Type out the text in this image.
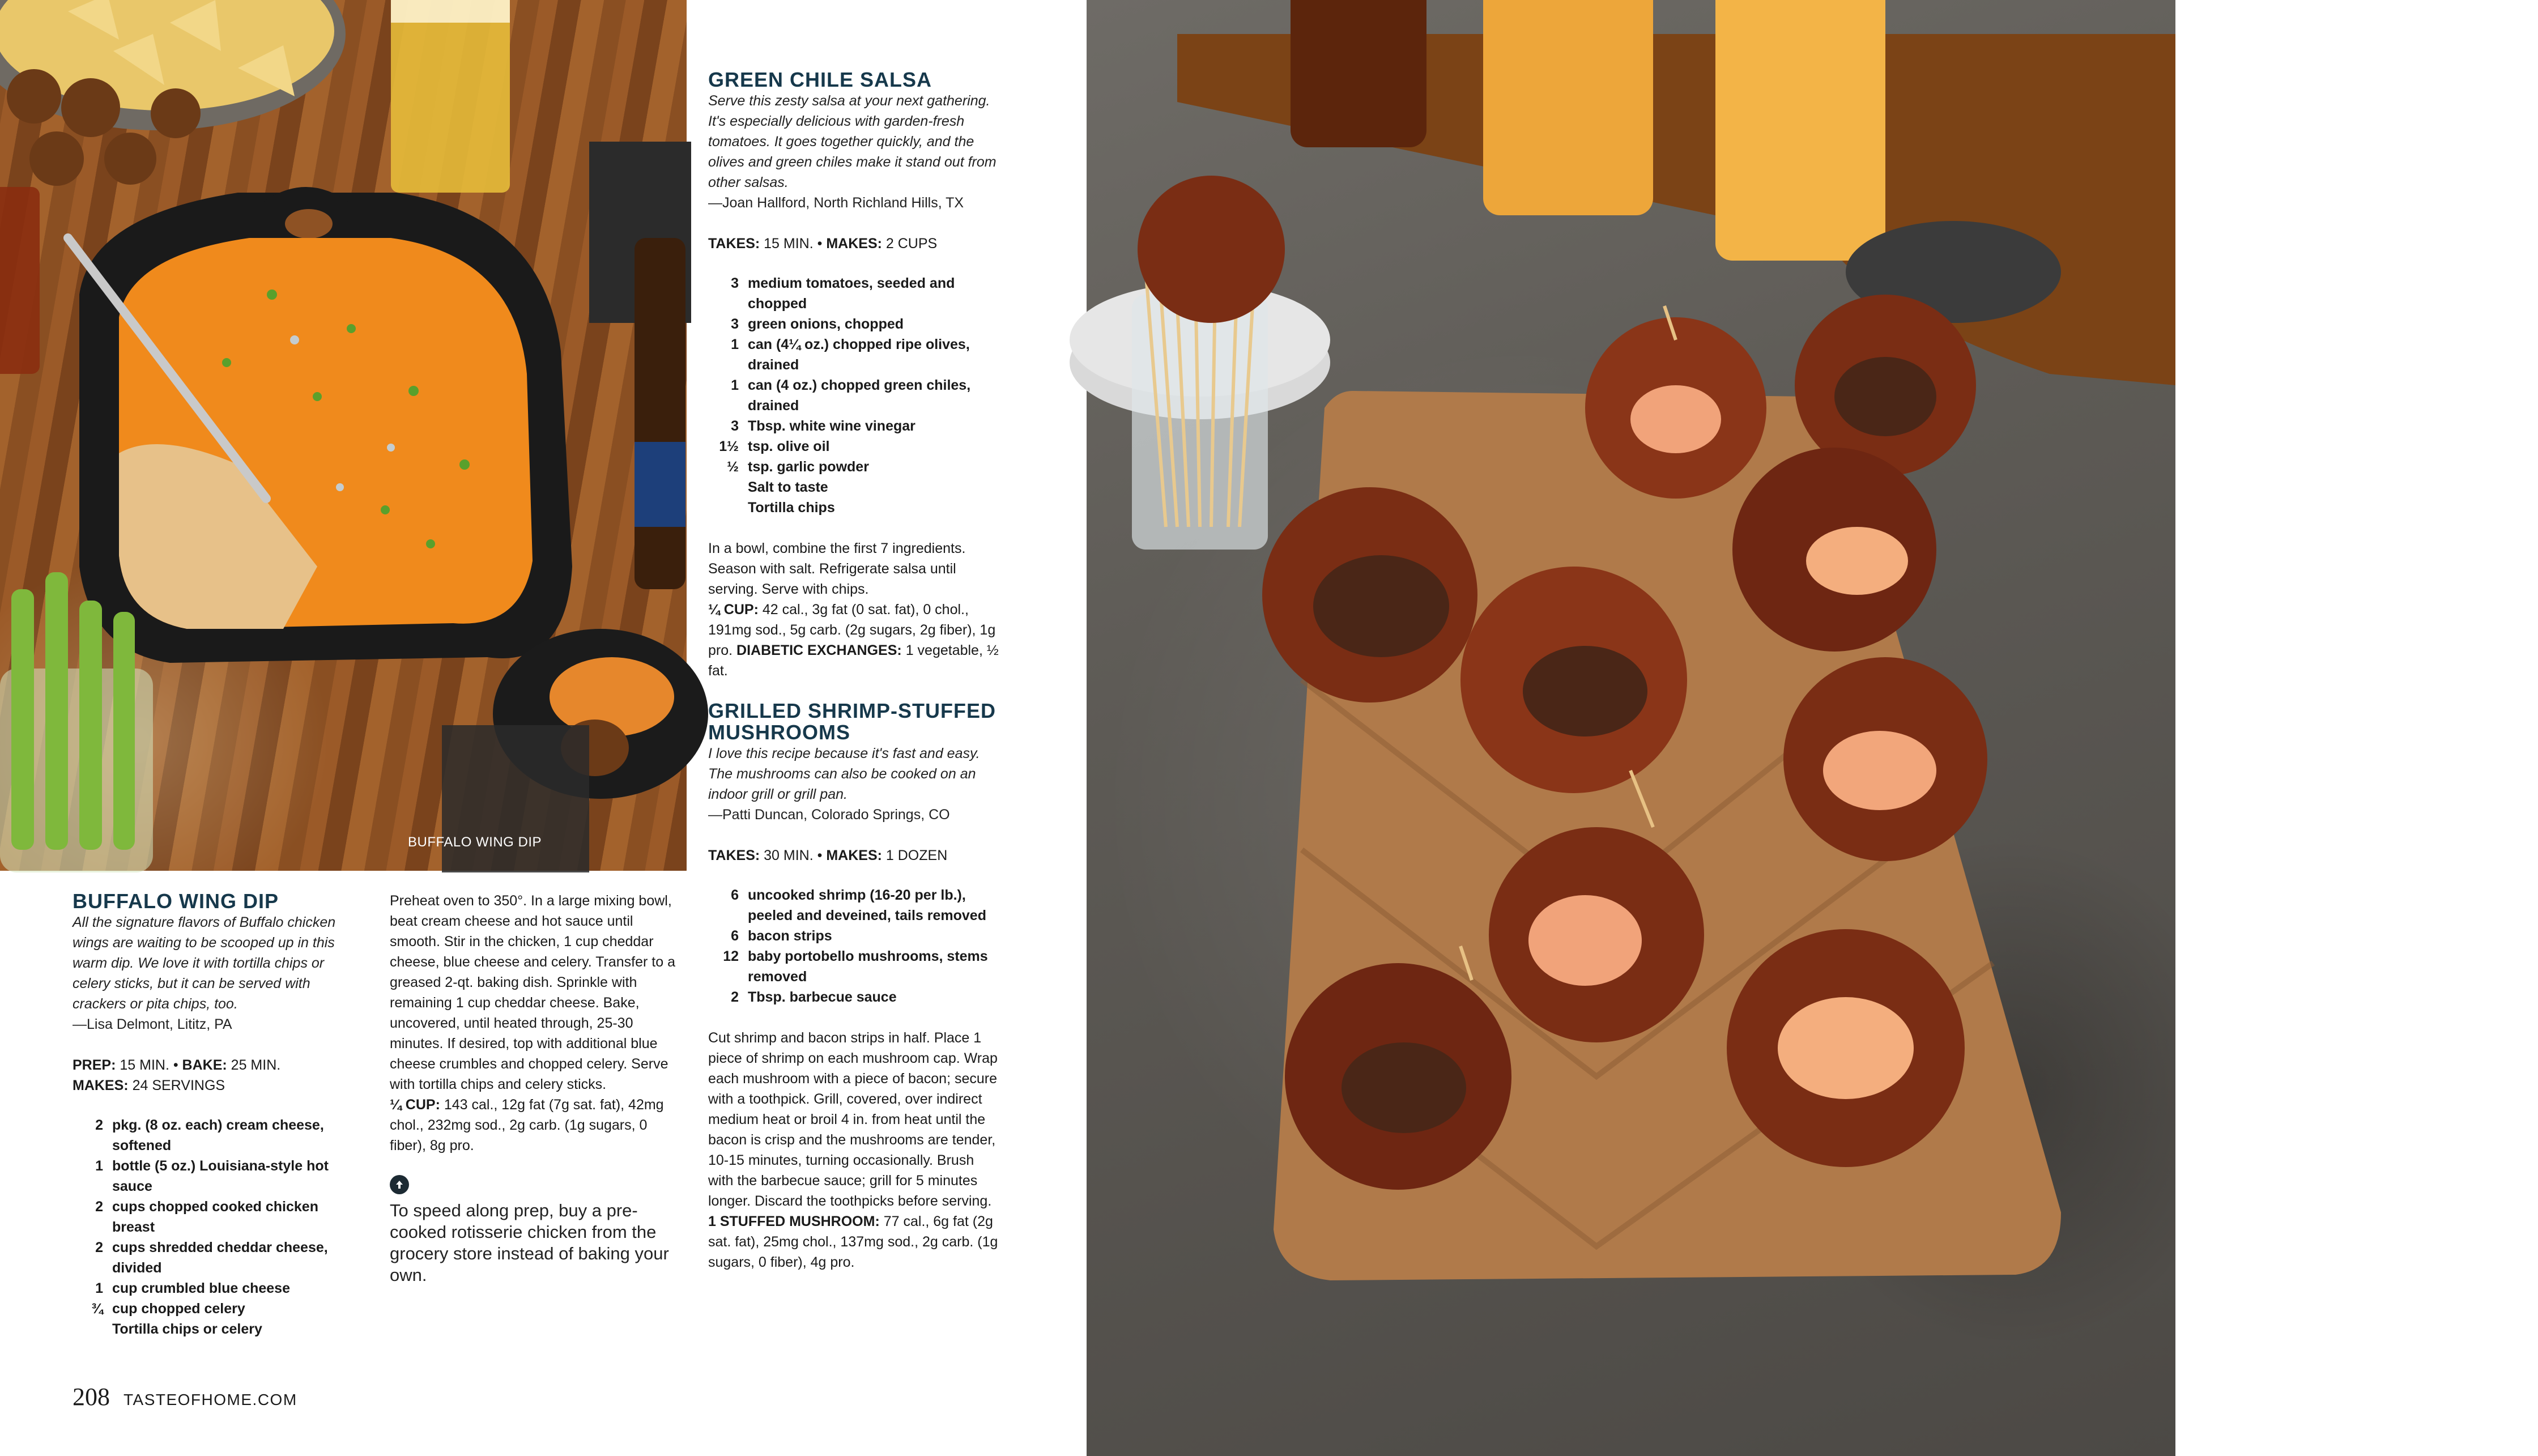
BUFFALO WING DIP
GRILLED SHRIMP-STUFFED MUSHROOMS
BUFFALO WING DIP

All the signature flavors of Buffalo chicken wings are waiting to be scooped up in this warm dip. We love it with tortilla chips or celery sticks, but it can be served with crackers or pita chips, too.

—Lisa Delmont, Lititz, PA

PREP: 15 MIN. • BAKE: 25 MIN.
MAKES: 24 SERVINGS

2 pkg. (8 oz. each) cream cheese, softened
1 bottle (5 oz.) Louisiana-style hot sauce
2 cups chopped cooked chicken breast
2 cups shredded cheddar cheese, divided
1 cup crumbled blue cheese
¾ cup chopped celery
Tortilla chips or celery

Preheat oven to 350°. In a large mixing bowl, beat cream cheese and hot sauce until smooth. Stir in the chicken, 1 cup cheddar cheese, blue cheese and celery. Transfer to a greased 2-qt. baking dish. Sprinkle with remaining 1 cup cheddar cheese. Bake, uncovered, until heated through, 25-30 minutes. If desired, top with additional blue cheese crumbles and chopped celery. Serve with tortilla chips and celery sticks.

¼ CUP: 143 cal., 12g fat (7g sat. fat), 42mg chol., 232mg sod., 2g carb. (1g sugars, 0 fiber), 8g pro.

To speed along prep, buy a pre-cooked rotisserie chicken from the grocery store instead of baking your own.

GREEN CHILE SALSA

Serve this zesty salsa at your next gathering. It's especially delicious with garden-fresh tomatoes. It goes together quickly, and the olives and green chiles make it stand out from other salsas.

—Joan Hallford, North Richland Hills, TX

TAKES: 15 MIN. • MAKES: 2 CUPS

3 medium tomatoes, seeded and chopped
3 green onions, chopped
1 can (4¼ oz.) chopped ripe olives, drained
1 can (4 oz.) chopped green chiles, drained
3 Tbsp. white wine vinegar
1½ tsp. olive oil
½ tsp. garlic powder
Salt to taste
Tortilla chips

In a bowl, combine the first 7 ingredients. Season with salt. Refrigerate salsa until serving. Serve with chips.

¼ CUP: 42 cal., 3g fat (0 sat. fat), 0 chol., 191mg sod., 5g carb. (2g sugars, 2g fiber), 1g pro. DIABETIC EXCHANGES: 1 vegetable, ½ fat.

GRILLED SHRIMP-STUFFED MUSHROOMS

I love this recipe because it's fast and easy. The mushrooms can also be cooked on an indoor grill or grill pan.

—Patti Duncan, Colorado Springs, CO

TAKES: 30 MIN. • MAKES: 1 DOZEN

6 uncooked shrimp (16-20 per lb.), peeled and deveined, tails removed
6 bacon strips
12 baby portobello mushrooms, stems removed
2 Tbsp. barbecue sauce

Cut shrimp and bacon strips in half. Place 1 piece of shrimp on each mushroom cap. Wrap each mushroom with a piece of bacon; secure with a toothpick. Grill, covered, over indirect medium heat or broil 4 in. from heat until the bacon is crisp and the mushrooms are tender, 10-15 minutes, turning occasionally. Brush with the barbecue sauce; grill for 5 minutes longer. Discard the toothpicks before serving.

1 STUFFED MUSHROOM: 77 cal., 6g fat (2g sat. fat), 25mg chol., 137mg sod., 2g carb. (1g sugars, 0 fiber), 4g pro.

208 TASTEOFHOME.COM
